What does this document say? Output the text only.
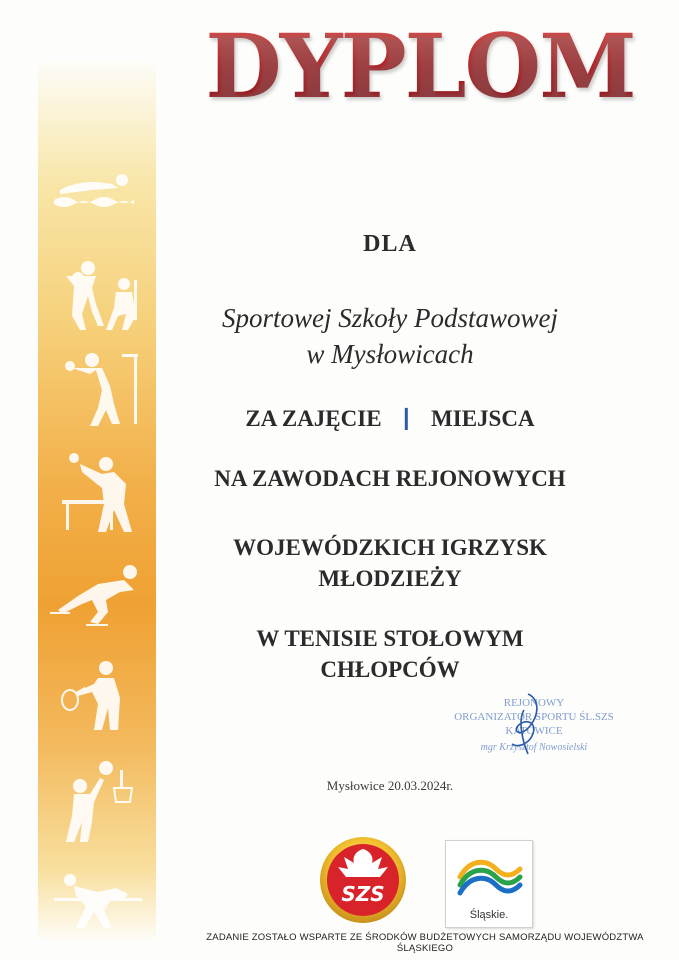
DYPLOM
DLA
Sportowej Szkoły Podstawowej
w Mysłowicach
ZA ZAJĘCIE I MIEJSCA
NA ZAWODACH REJONOWYCH
WOJEWÓDZKICH IGRZYSK
MŁODZIEŻY
W TENISIE STOŁOWYM
CHŁOPCÓW
REJONOWY
ORGANIZATOR SPORTU ŚL.SZS
KATOWICE
mgr Krzysztof Nowosielski
Mysłowice 20.03.2024r.
SZS
Śląskie.
ZADANIE ZOSTAŁO WSPARTE ZE ŚRODKÓW BUDŻETOWYCH SAMORZĄDU WOJEWÓDZTWA ŚLĄSKIEGO
